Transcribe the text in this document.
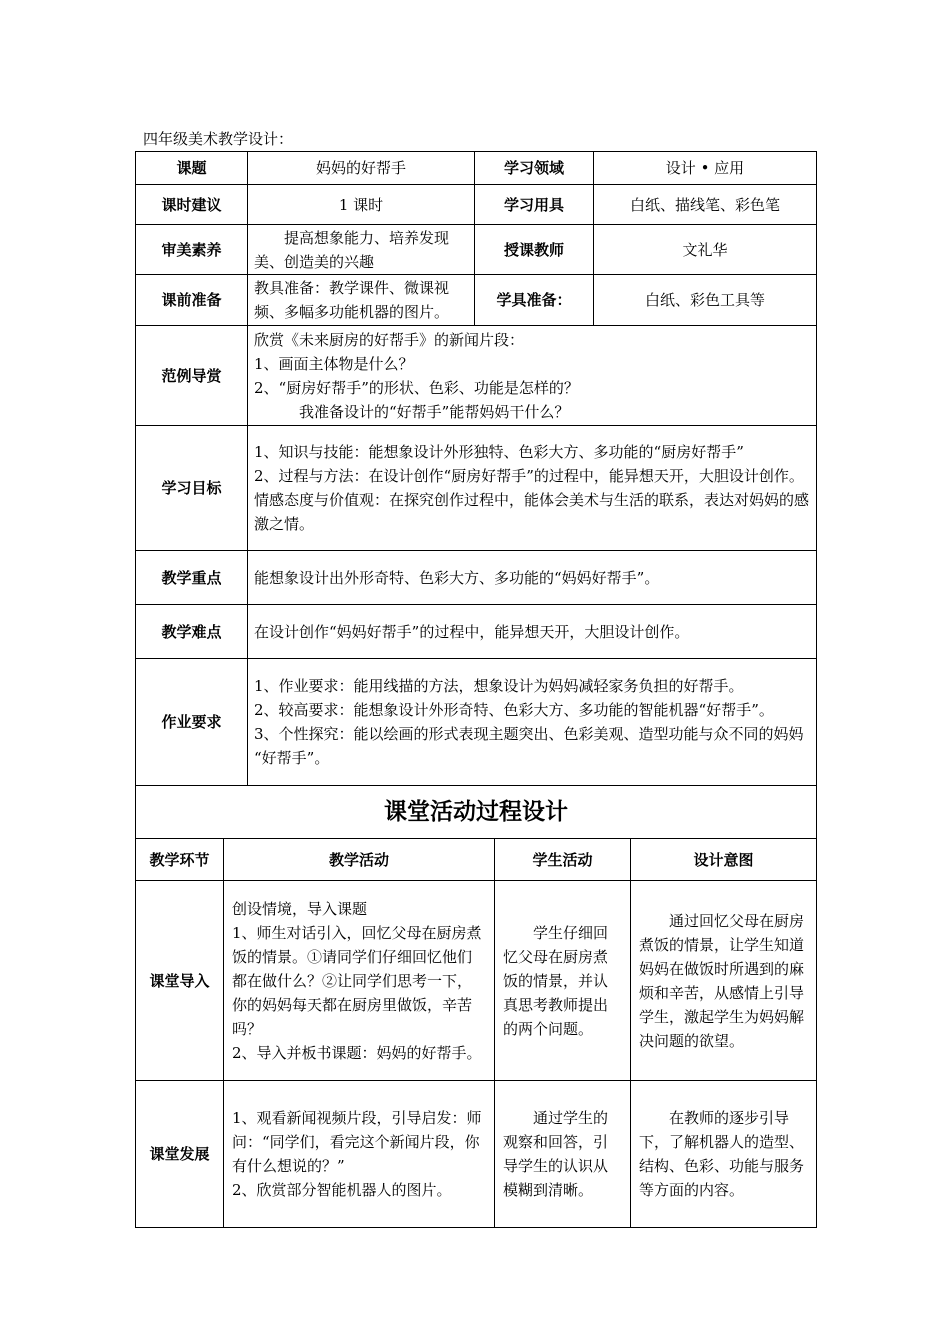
四年级美术教学设计：
课题	妈妈的好帮手	学习领域	设计 • 应用
课时建议	1 课时	学习用具	白纸、描线笔、彩色笔
审美素养	提高想象能力、培养发现美、创造美的兴趣	授课教师	文礼华
课前准备	教具准备：教学课件、微课视频、多幅多功能机器的图片。	学具准备：	白纸、彩色工具等
范例导赏	欣赏《未来厨房的好帮手》的新闻片段：
1、画面主体物是什么？
2、“厨房好帮手”的形状、色彩、功能是怎样的？
我准备设计的“好帮手”能帮妈妈干什么？		

学习目标	1、知识与技能：能想象设计外形独特、色彩大方、多功能的“厨房好帮手”
2、过程与方法：在设计创作“厨房好帮手”的过程中，能异想天开，大胆设计创作。
情感态度与价值观：在探究创作过程中，能体会美术与生活的联系，表达对妈妈的感激之情。		

教学重点	能想象设计出外形奇特、色彩大方、多功能的“妈妈好帮手”。		
教学难点	在设计创作“妈妈好帮手”的过程中，能异想天开，大胆设计创作。		
作业要求	1、作业要求：能用线描的方法，想象设计为妈妈减轻家务负担的好帮手。
2、较高要求：能想象设计外形奇特、色彩大方、多功能的智能机器“好帮手”。
3、个性探究：能以绘画的形式表现主题突出、色彩美观、造型功能与众不同的妈妈 “好帮手”。		
课堂活动过程设计			
教学环节	教学活动	学生活动	设计意图
课堂导入	创设情境，导入课题
1、师生对话引入，回忆父母在厨房煮饭的情景。①请同学们仔细回忆他们都在做什么？②让同学们思考一下，你的妈妈每天都在厨房里做饭，辛苦吗？
2、导入并板书课题：妈妈的好帮手。	学生仔细回忆父母在厨房煮饭的情景，并认真思考教师提出的两个问题。	通过回忆父母在厨房煮饭的情景，让学生知道妈妈在做饭时所遇到的麻烦和辛苦，从感情上引导学生，激起学生为妈妈解决问题的欲望。
课堂发展	1、观看新闻视频片段，引导启发：师问：“同学们，看完这个新闻片段，你有什么想说的？”
2、欣赏部分智能机器人的图片。	通过学生的观察和回答，引导学生的认识从模糊到清晰。	在教师的逐步引导下，了解机器人的造型、结构、色彩、功能与服务等方面的内容。
